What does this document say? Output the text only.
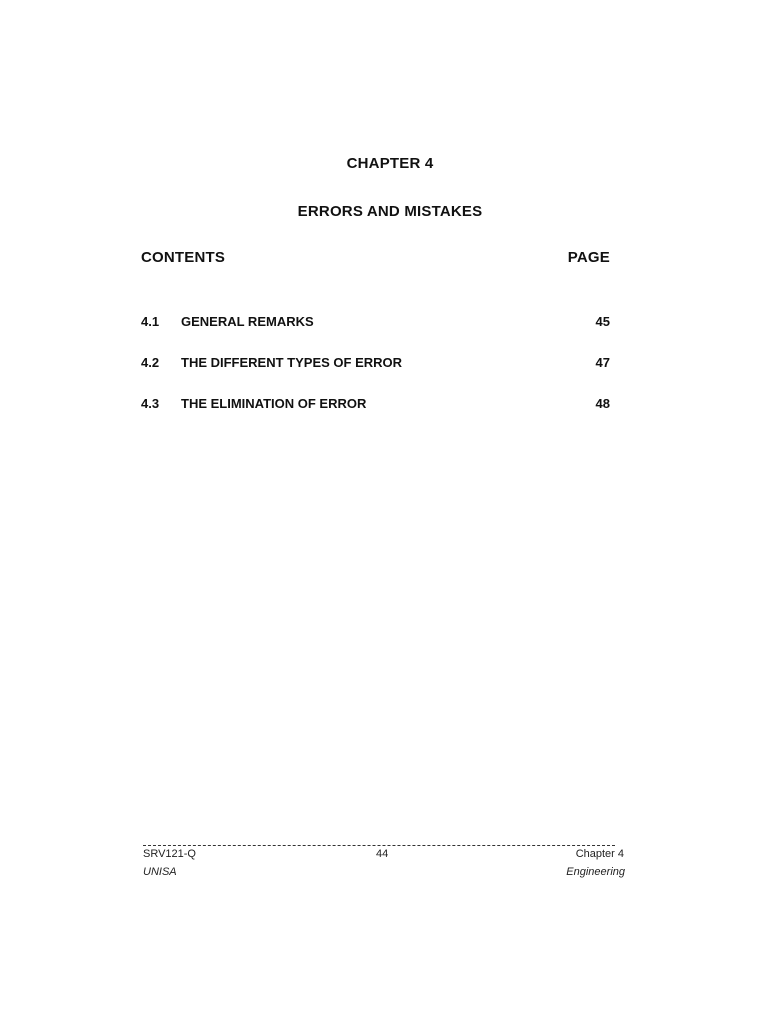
CHAPTER 4
ERRORS AND MISTAKES
CONTENTS	PAGE
4.1 GENERAL REMARKS	45
4.2 THE DIFFERENT TYPES OF ERROR	47
4.3 THE ELIMINATION OF ERROR	48
SRV121-Q	44	Chapter 4
UNISA	Engineering
